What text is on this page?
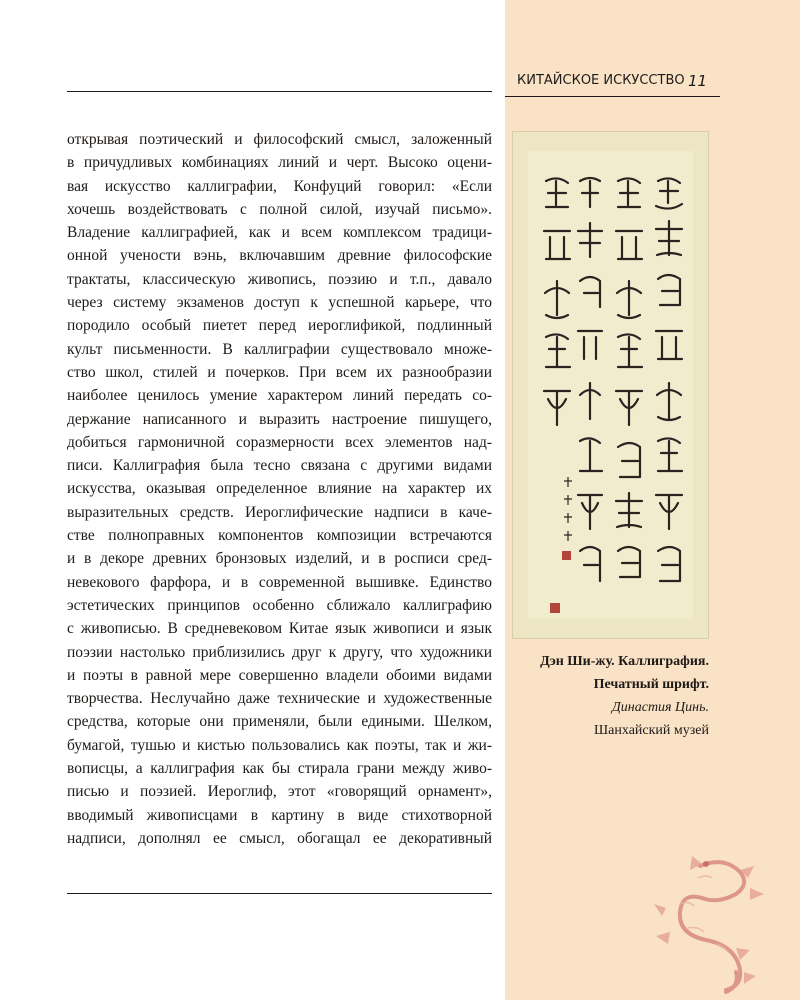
КИТАЙСКОЕ ИСКУССТВО 11
открывая поэтический и философский смысл, заложенный
в причудливых комбинациях линий и черт. Высоко оцени-
вая искусство каллиграфии, Конфуций говорил: «Если
хочешь воздействовать с полной силой, изучай письмо».
Владение каллиграфией, как и всем комплексом традици-
онной учености вэнь, включавшим древние философские
трактаты, классическую живопись, поэзию и т.п., давало
через систему экзаменов доступ к успешной карьере, что
породило особый пиетет перед иероглификой, подлинный
культ письменности. В каллиграфии существовало множе-
ство школ, стилей и почерков. При всем их разнообразии
наиболее ценилось умение характером линий передать со-
держание написанного и выразить настроение пишущего,
добиться гармоничной соразмерности всех элементов над-
писи. Каллиграфия была тесно связана с другими видами
искусства, оказывая определенное влияние на характер их
выразительных средств. Иероглифические надписи в каче-
стве полноправных компонентов композиции встречаются
и в декоре древних бронзовых изделий, и в росписи сред-
невекового фарфора, и в современной вышивке. Единство
эстетических принципов особенно сближало каллиграфию
с живописью. В средневековом Китае язык живописи и язык
поэзии настолько приблизились друг к другу, что художники
и поэты в равной мере совершенно владели обоими видами
творчества. Неслучайно даже технические и художественные
средства, которые они применяли, были едиными. Шелком,
бумагой, тушью и кистью пользовались как поэты, так и жи-
вописцы, а каллиграфия как бы стирала грани между живо-
писью и поэзией. Иероглиф, этот «говорящий орнамент»,
вводимый живописцами в картину в виде стихотворной
надписи, дополнял ее смысл, обогащал ее декоративный
Дэн Ши-жу. Каллиграфия.
Печатный шрифт.
Династия Цинь.
Шанхайский музей
